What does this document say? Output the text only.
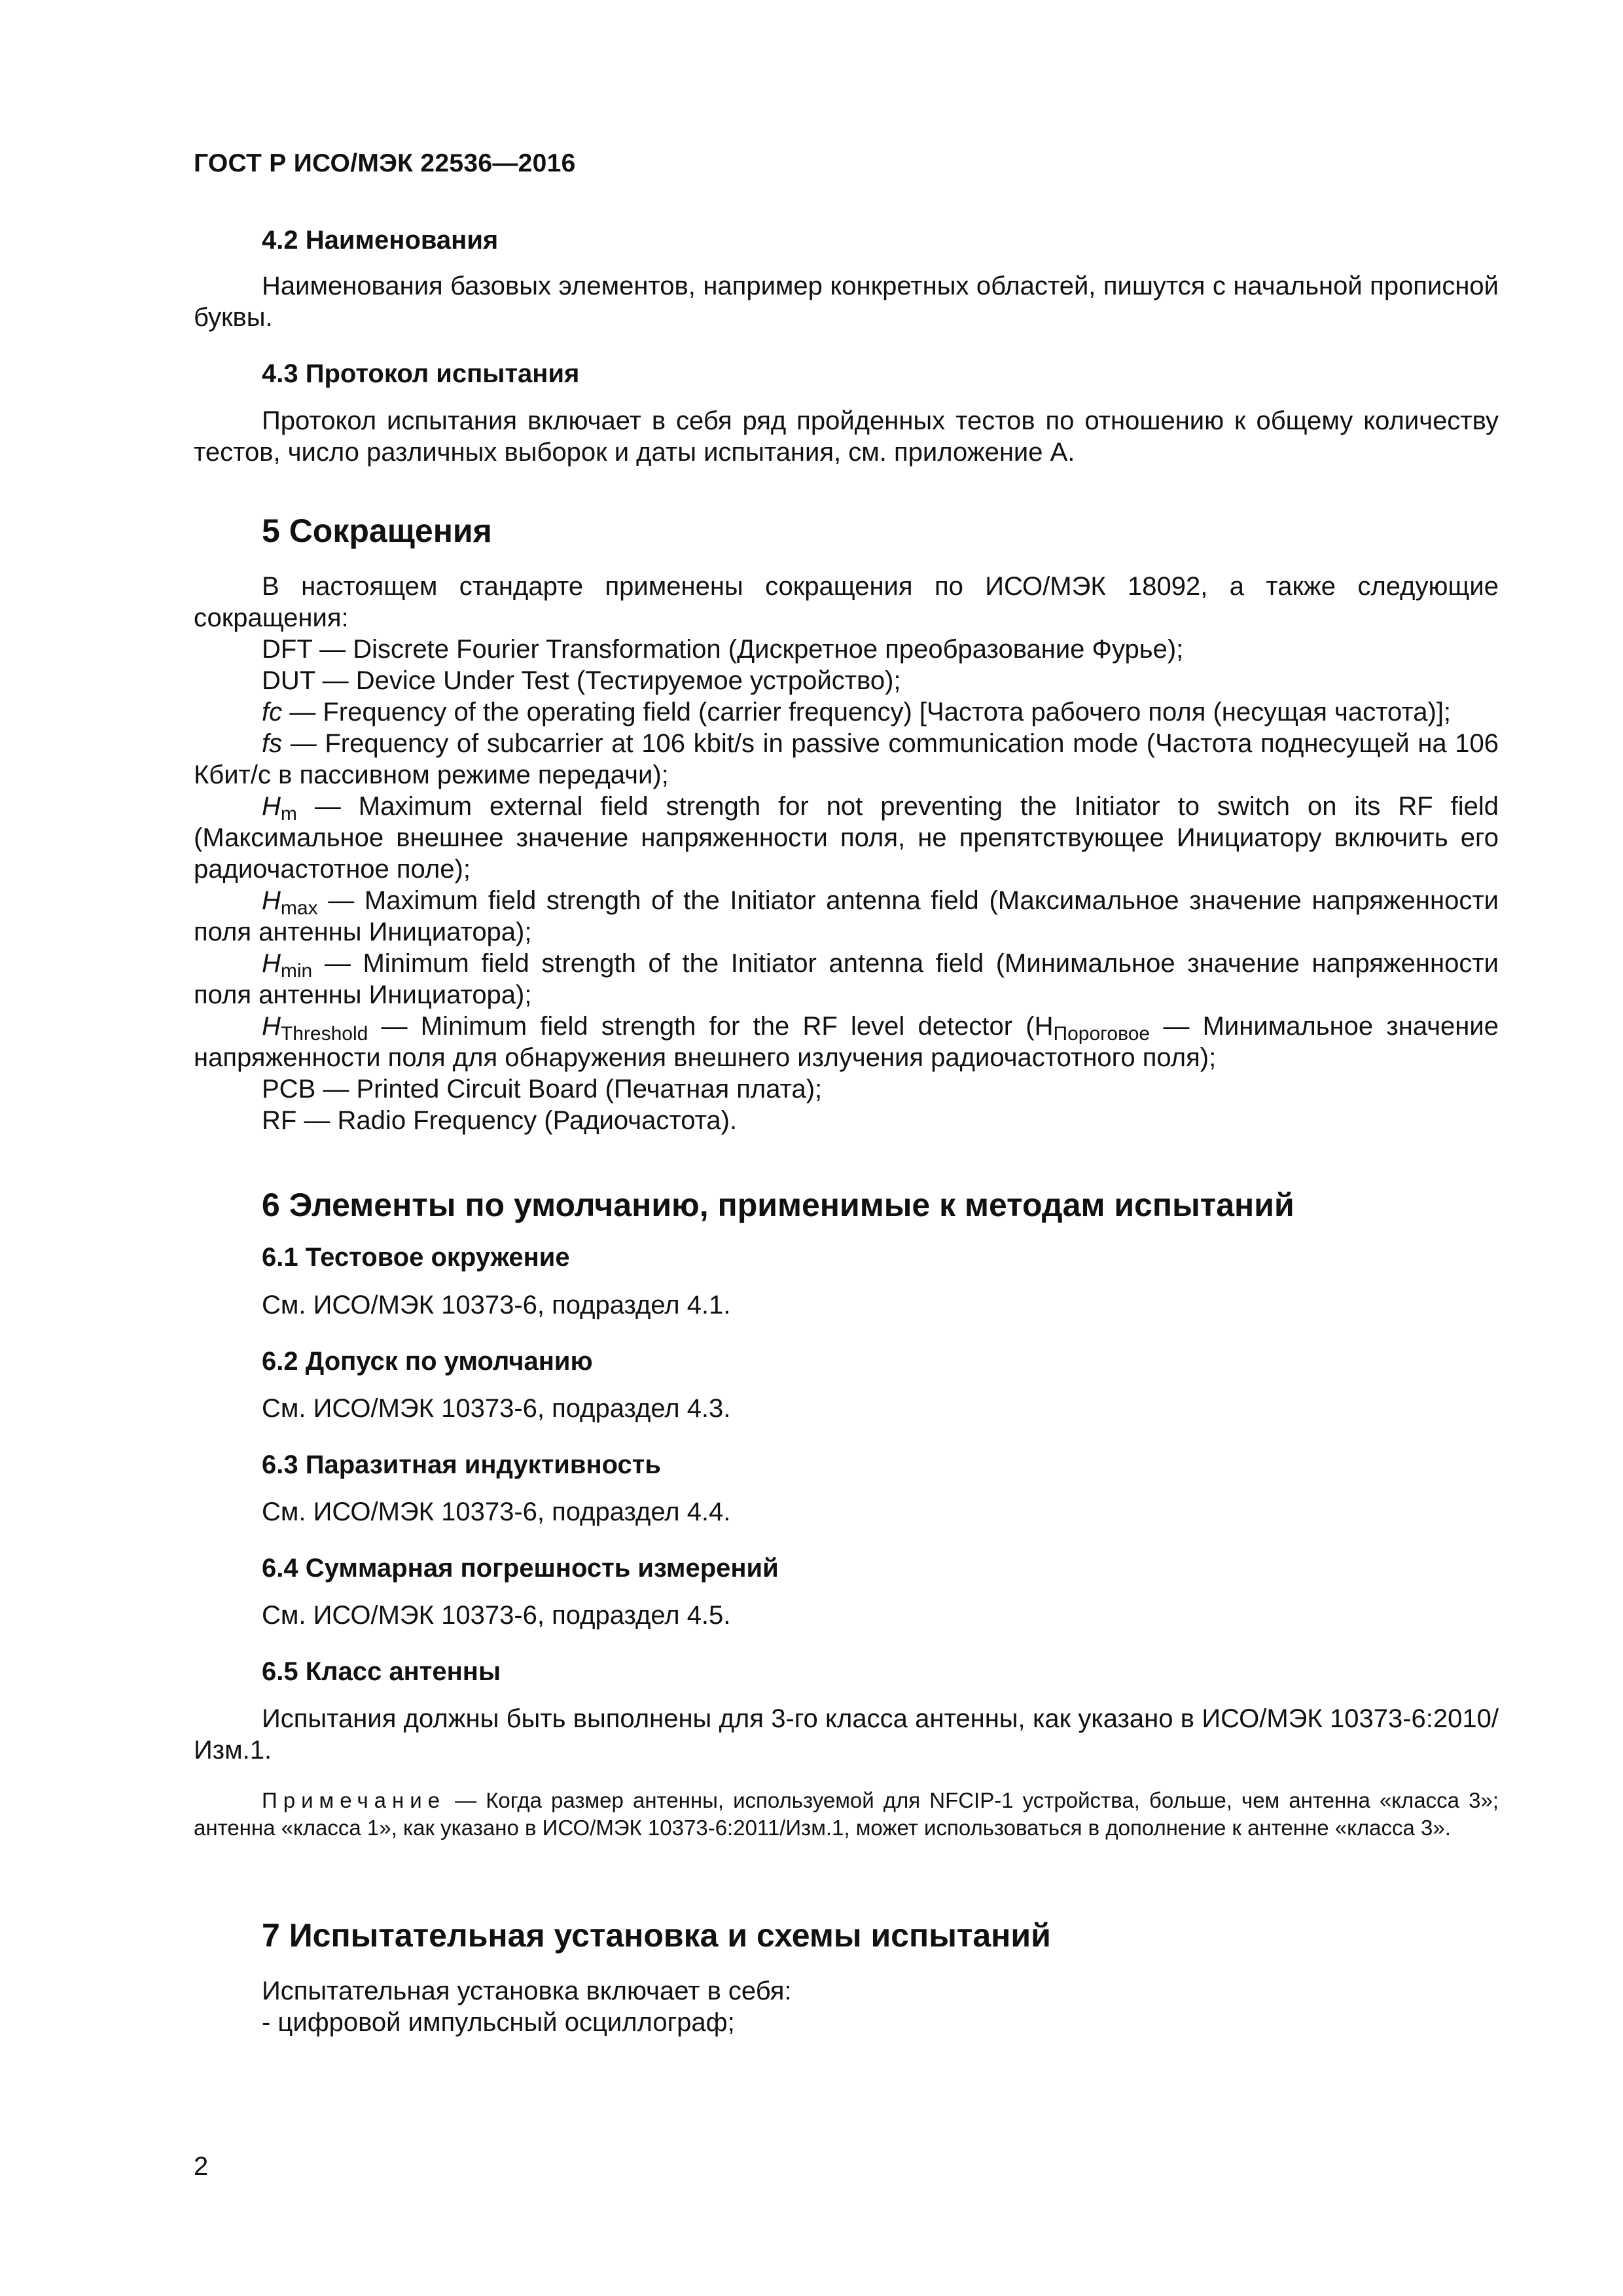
ГОСТ Р ИСО/МЭК 22536—2016
4.2 Наименования

Наименования базовых элементов, например конкретных областей, пишутся с начальной прописной буквы.

4.3 Протокол испытания

Протокол испытания включает в себя ряд пройденных тестов по отношению к общему количеству тестов, число различных выборок и даты испытания, см. приложение А.

5 Сокращения

В настоящем стандарте применены сокращения по ИСО/МЭК 18092, а также следующие сокращения:

DFT — Discrete Fourier Transformation (Дискретное преобразование Фурье);

DUT — Device Under Test (Тестируемое устройство);

fc — Frequency of the operating field (carrier frequency) [Частота рабочего поля (несущая частота)];

fs — Frequency of subcarrier at 106 kbit/s in passive communication mode (Частота поднесущей на 106 Кбит/с в пассивном режиме передачи);

$H_m$ — Maximum external field strength for not preventing the Initiator to switch on its RF field (Максимальное внешнее значение напряженности поля, не препятствующее Инициатору включить его радиочастотное поле);

$H_{max}$ — Maximum field strength of the Initiator antenna field (Максимальное значение напряженности поля антенны Инициатора);

$H_{min}$ — Minimum field strength of the Initiator antenna field (Минимальное значение напряженности поля антенны Инициатора);

$H_{Threshold}$ — Minimum field strength for the RF level detector ($H_{Пороговое}$ — Минимальное значение напряженности поля для обнаружения внешнего излучения радиочастотного поля);

PCB — Printed Circuit Board (Печатная плата);

RF — Radio Frequency (Радиочастота).

6 Элементы по умолчанию, применимые к методам испытаний
6.1 Тестовое окружение
См. ИСО/МЭК 10373-6, подраздел 4.1.
6.2 Допуск по умолчанию
См. ИСО/МЭК 10373-6, подраздел 4.3.
6.3 Паразитная индуктивность
См. ИСО/МЭК 10373-6, подраздел 4.4.
6.4 Суммарная погрешность измерений
См. ИСО/МЭК 10373-6, подраздел 4.5.
6.5 Класс антенны

Испытания должны быть выполнены для 3-го класса антенны, как указано в ИСО/МЭК 10373-6:2010/Изм.1.

Примечание — Когда размер антенны, используемой для NFCIP-1 устройства, больше, чем антенна «класса 3»; антенна «класса 1», как указано в ИСО/МЭК 10373-6:2011/Изм.1, может использоваться в дополнение к антенне «класса 3».
7 Испытательная установка и схемы испытаний
Испытательная установка включает в себя:
- цифровой импульсный осциллограф;
2
